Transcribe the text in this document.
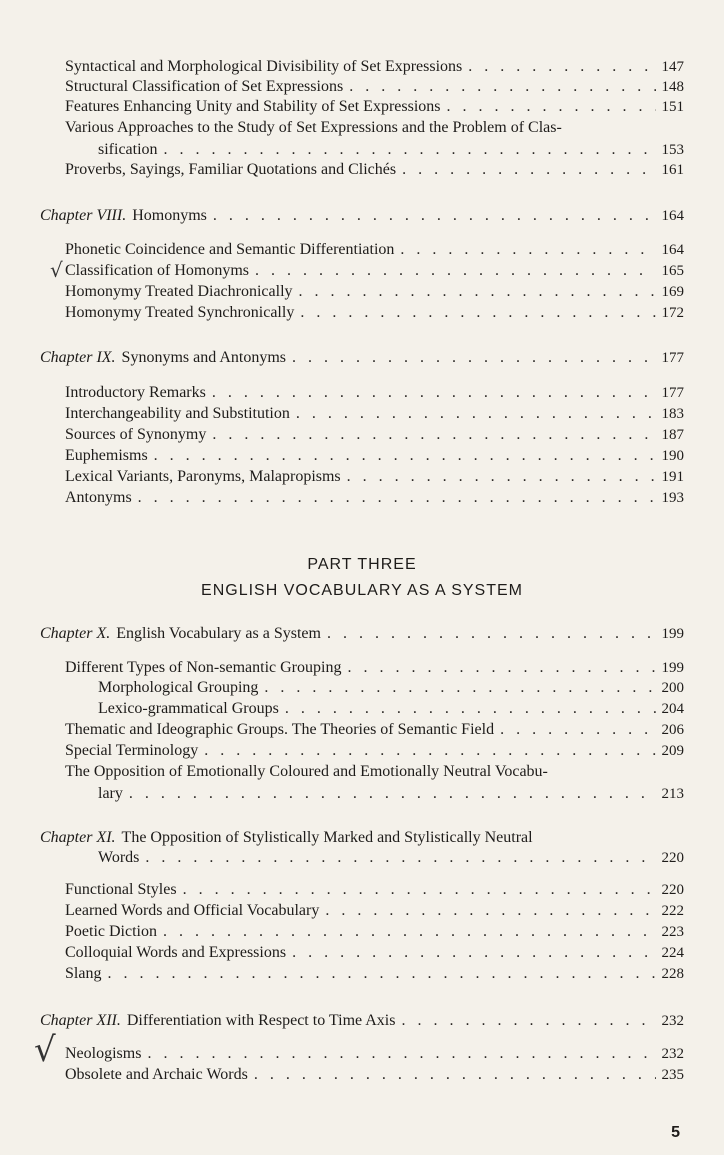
Syntactical and Morphological Divisibility of Set Expressions . . .	147
Structural Classification of Set Expressions . . .	148
Features Enhancing Unity and Stability of Set Expressions . . .	151
Various Approaches to the Study of Set Expressions and the Problem of Clas-
sification . . .	153
Proverbs, Sayings, Familiar Quotations and Clichés . . .	161
Chapter VIII. Homonyms . . .	164
Phonetic Coincidence and Semantic Differentiation . . .	164
Classification of Homonyms . . .	165
Homonymy Treated Diachronically . . .	169
Homonymy Treated Synchronically . . .	172
Chapter IX. Synonyms and Antonyms . . .	177
Introductory Remarks . . .	177
Interchangeability and Substitution . . .	183
Sources of Synonymy . . .	187
Euphemisms . . .	190
Lexical Variants, Paronyms, Malapropisms . . .	191
Antonyms . . .	193
PART THREE
ENGLISH VOCABULARY AS A SYSTEM
Chapter X. English Vocabulary as a System . . .	199
Different Types of Non-semantic Grouping . . .	199
Morphological Grouping . . .	200
Lexico-grammatical Groups . . .	204
Thematic and Ideographic Groups. The Theories of Semantic Field . . .	206
Special Terminology . . .	209
The Opposition of Emotionally Coloured and Emotionally Neutral Vocabu-
lary . . .	213
Chapter XI. The Opposition of Stylistically Marked and Stylistically Neutral
Words . . .	220
Functional Styles . . .	220
Learned Words and Official Vocabulary . . .	222
Poetic Diction . . .	223
Colloquial Words and Expressions . . .	224
Slang . . .	228
Chapter XII. Differentiation with Respect to Time Axis . . .	232
Neologisms . . .	232
Obsolete and Archaic Words . . .	235
√
√
5
